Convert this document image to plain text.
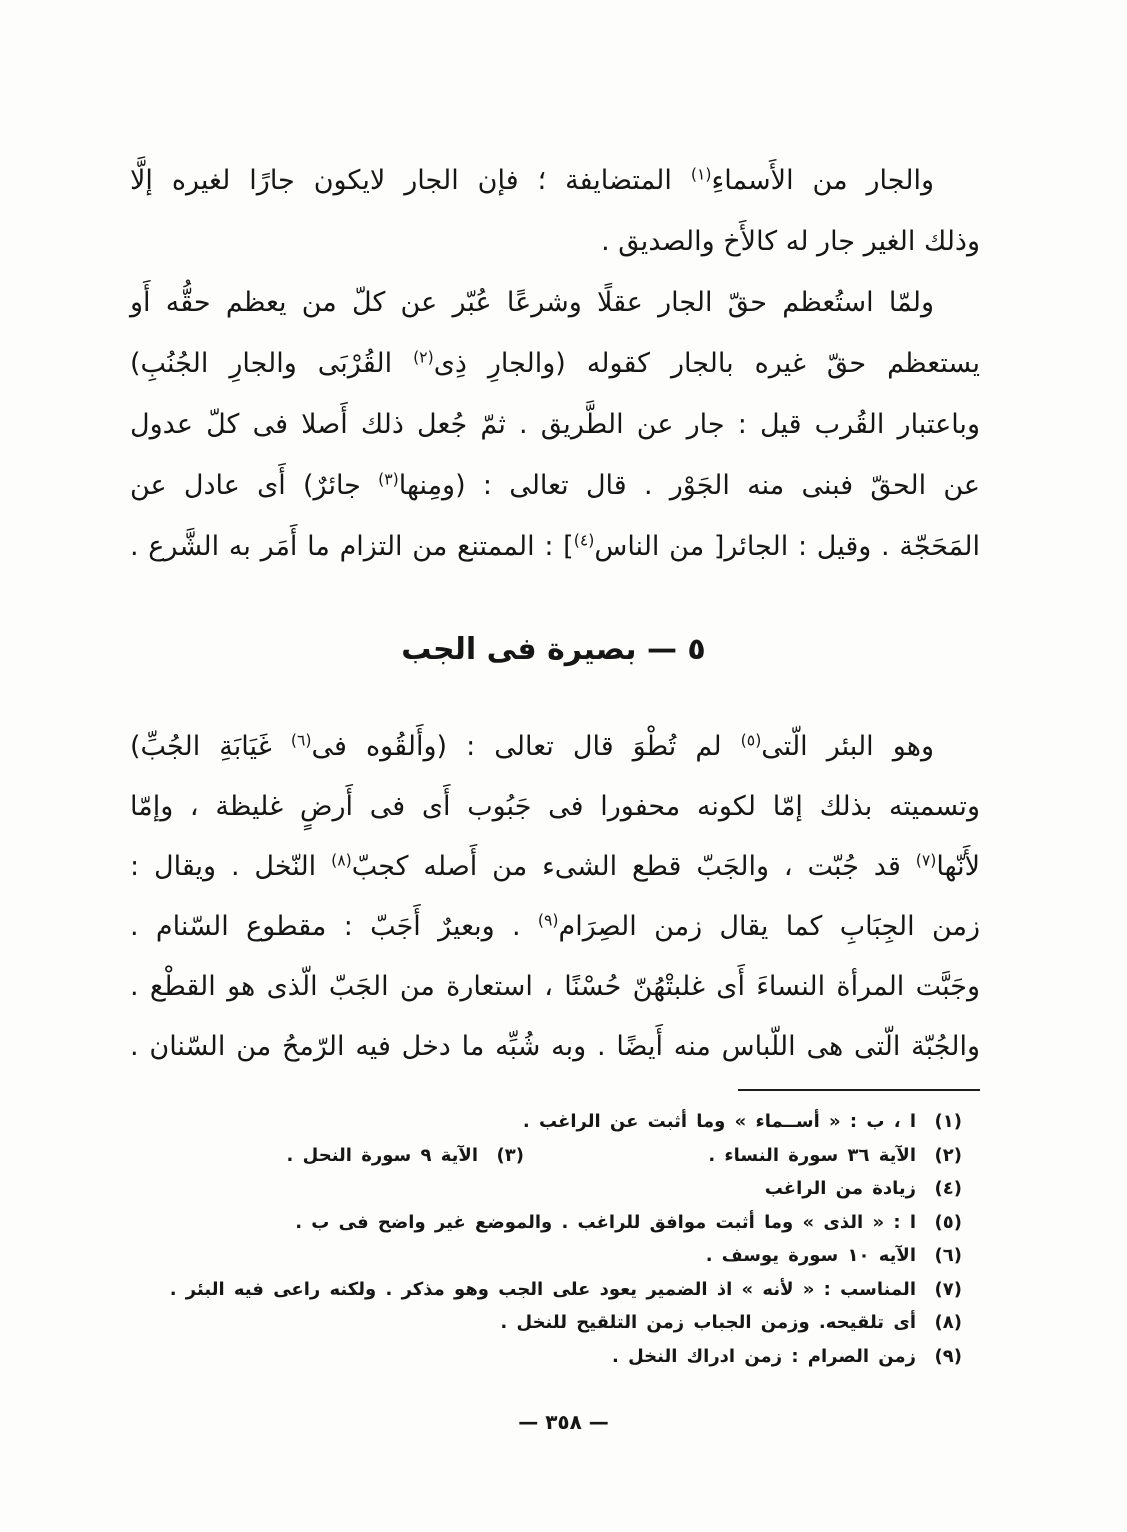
والجار من الأَسماءِ$^{(١)}$ المتضايفة ؛ فإن الجار لايكون جارًا لغيره إلَّا
وذلك الغير جار له كالأَخ والصديق .
ولمّا استُعظم حقّ الجار عقلًا وشرعًا عُبّر عن كلّ من يعظم حقُّه أَو
يستعظم حقّ غيره بالجار كقوله (والجارِ ذِى$^{(٢)}$ القُرْبَى والجارِ الجُنُبِ)
وباعتبار القُرب قيل : جار عن الطَّريق . ثمّ جُعل ذلك أَصلا فى كلّ عدول
عن الحقّ فبنى منه الجَوْر . قال تعالى : (ومِنها$^{(٣)}$ جائرٌ) أَى عادل عن
المَحَجّة . وقيل : الجائر[ من الناس$^{(٤)}$] : الممتنع من التزام ما أَمَر به الشَّرع .
٥ — بصيرة فى الجب
وهو البئر الّتى$^{(٥)}$ لم تُطْوَ قال تعالى : (وأَلقُوه فى$^{(٦)}$ غَيَابَةِ الجُبِّ)
وتسميته بذلك إمّا لكونه محفورا فى جَبُوب أَى فى أَرضٍ غليظة ، وإمّا
لأَنّها$^{(٧)}$ قد جُبّت ، والجَبّ قطع الشىء من أَصله كجبّ$^{(٨)}$ النّخل . ويقال :
زمن الجِبَابِ كما يقال زمن الصِرَام$^{(٩)}$ . وبعيرٌ أَجَبّ : مقطوع السّنام .
وجَبَّت المرأة النساءَ أَى غلبتْهُنّ حُسْنًا ، استعارة من الجَبّ الّذى هو القطْع .
والجُبّة الّتى هى اللّباس منه أَيضًا . وبه شُبِّه ما دخل فيه الرّمحُ من السّنان .
(١)ا ، ب : « أســماء » وما أثبت عن الراغب .
(٢)الآية ٣٦ سورة النساء .
(٣)الآية ٩ سورة النحل .
(٤)زيادة من الراغب
(٥)ا : « الذى » وما أثبت موافق للراغب . والموضع غير واضح فى ب .
(٦)الآيه ١٠ سورة يوسف .
(٧)المناسب : « لأنه » اذ الضمير يعود على الجب وهو مذكر . ولكنه راعى فيه البئر .
(٨)أى تلقيحه. وزمن الجباب زمن التلقيح للنخل .
(٩)زمن الصرام : زمن ادراك النخل .
— ٣٥٨ —
